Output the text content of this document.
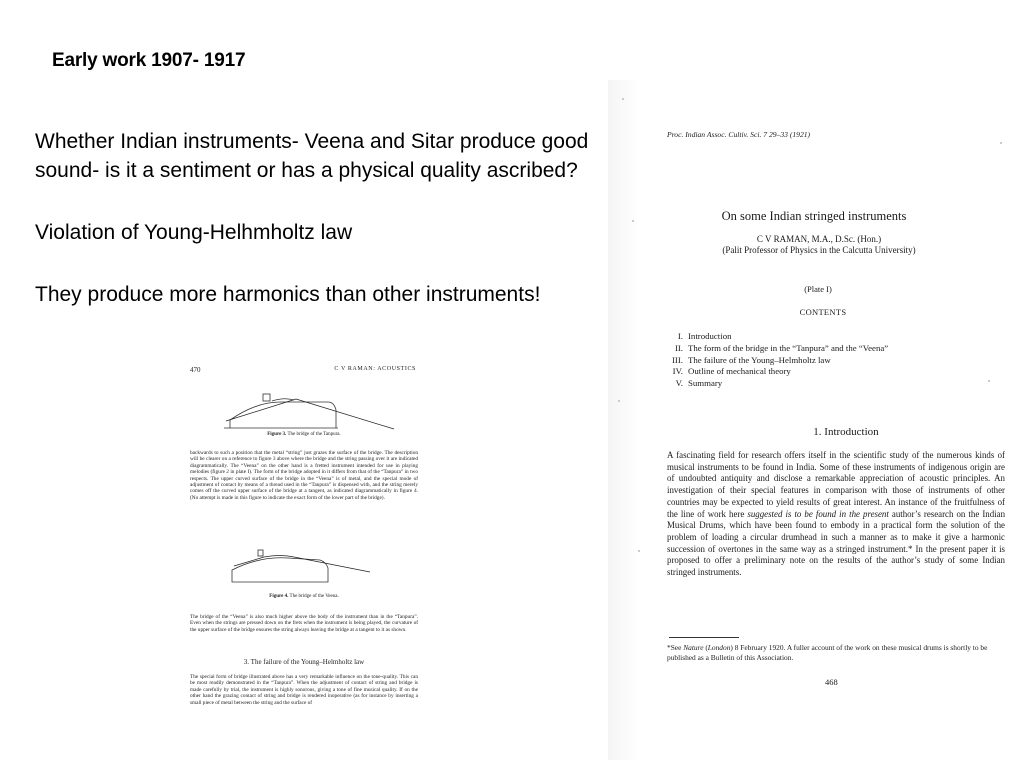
Early work 1907- 1917

Whether Indian instruments- Veena and Sitar produce good sound- is it a sentiment or has a physical quality ascribed?

Violation of Young-Helhmholtz law

They produce more harmonics than other instruments!

470	C V RAMAN: ACOUSTICS
Figure 3. The bridge of the Tanpura.
backwards to such a position that the metal “string” just grazes the surface of the bridge. The description will be clearer on a reference to figure 3 above where the bridge and the string passing over it are indicated diagrammatically. The “Veena” on the other hand is a fretted instrument intended for use in playing melodies (figure 2 in plate I). The form of the bridge adopted in it differs from that of the “Tanpura” in two respects. The upper curved surface of the bridge in the “Veena” is of metal, and the special mode of adjustment of contact by means of a thread used in the “Tanpura” is dispensed with, and the string merely comes off the curved upper surface of the bridge at a tangent, as indicated diagrammatically in figure 4. (No attempt is made in this figure to indicate the exact form of the lower part of the bridge).
Figure 4. The bridge of the Veena.
The bridge of the “Veena” is also much higher above the body of the instrument than in the “Tanpura”. Even when the strings are pressed down on the frets when the instrument is being played, the curvature of the upper surface of the bridge ensures the string always leaving the bridge at a tangent to it as shown.
3. The failure of the Young–Helmholtz law
The special form of bridge illustrated above has a very remarkable influence on the tone-quality. This can be most readily demonstrated in the “Tanpura”. When the adjustment of contact of string and bridge is made carefully by trial, the instrument is highly sonorous, giving a tone of fine musical quality. If on the other hand the grazing contact of string and bridge is rendered inoperative (as for instance by inserting a small piece of metal between the string and the surface of
Proc. Indian Assoc. Cultiv. Sci. 7 29–33 (1921)
On some Indian stringed instruments
C V RAMAN, M.A., D.Sc. (Hon.)
(Palit Professor of Physics in the Calcutta University)
(Plate I)
CONTENTS
I. Introduction
II. The form of the bridge in the “Tanpura” and the “Veena”
III. The failure of the Young–Helmholtz law
IV. Outline of mechanical theory
V. Summary
1. Introduction
A fascinating field for research offers itself in the scientific study of the numerous kinds of musical instruments to be found in India. Some of these instruments of indigenous origin are of undoubted antiquity and disclose a remarkable appreciation of acoustic principles. An investigation of their special features in comparison with those of instruments of other countries may be expected to yield results of great interest. An instance of the fruitfulness of the line of work here suggested is to be found in the present author’s research on the Indian Musical Drums, which have been found to embody in a practical form the solution of the problem of loading a circular drumhead in such a manner as to make it give a harmonic succession of overtones in the same way as a stringed instrument.* In the present paper it is proposed to offer a preliminary note on the results of the author’s study of some Indian stringed instruments.
*See Nature (London) 8 February 1920. A fuller account of the work on these musical drums is shortly to be published as a Bulletin of this Association.
468
